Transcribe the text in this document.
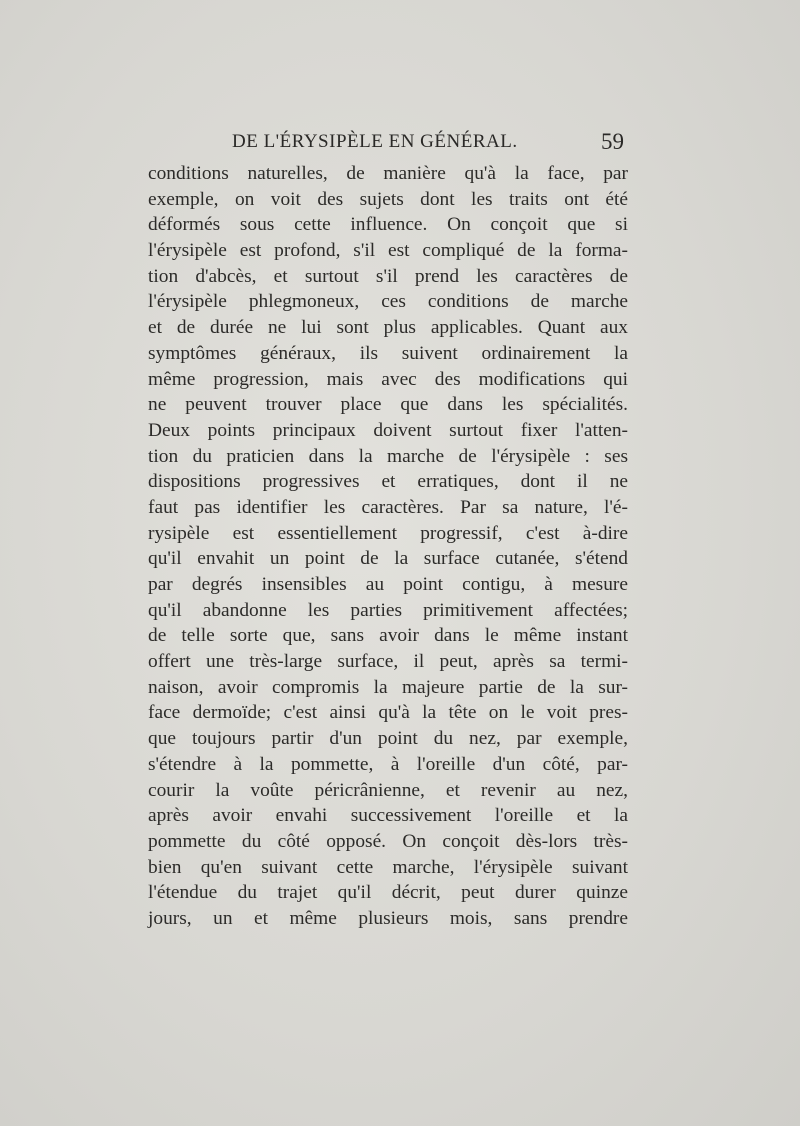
DE L'ÉRYSIPÈLE EN GÉNÉRAL.	59
conditions naturelles, de manière qu'à la face, par
exemple, on voit des sujets dont les traits ont été
déformés sous cette influence. On conçoit que si
l'érysipèle est profond, s'il est compliqué de la forma-
tion d'abcès, et surtout s'il prend les caractères de
l'érysipèle phlegmoneux, ces conditions de marche
et de durée ne lui sont plus applicables. Quant aux
symptômes généraux, ils suivent ordinairement la
même progression, mais avec des modifications qui
ne peuvent trouver place que dans les spécialités.
Deux points principaux doivent surtout fixer l'atten-
tion du praticien dans la marche de l'érysipèle : ses
dispositions progressives et erratiques, dont il ne
faut pas identifier les caractères. Par sa nature, l'é-
rysipèle est essentiellement progressif, c'est à-dire
qu'il envahit un point de la surface cutanée, s'étend
par degrés insensibles au point contigu, à mesure
qu'il abandonne les parties primitivement affectées;
de telle sorte que, sans avoir dans le même instant
offert une très-large surface, il peut, après sa termi-
naison, avoir compromis la majeure partie de la sur-
face dermoïde; c'est ainsi qu'à la tête on le voit pres-
que toujours partir d'un point du nez, par exemple,
s'étendre à la pommette, à l'oreille d'un côté, par-
courir la voûte péricrânienne, et revenir au nez,
après avoir envahi successivement l'oreille et la
pommette du côté opposé. On conçoit dès-lors très-
bien qu'en suivant cette marche, l'érysipèle suivant
l'étendue du trajet qu'il décrit, peut durer quinze
jours, un et même plusieurs mois, sans prendre
